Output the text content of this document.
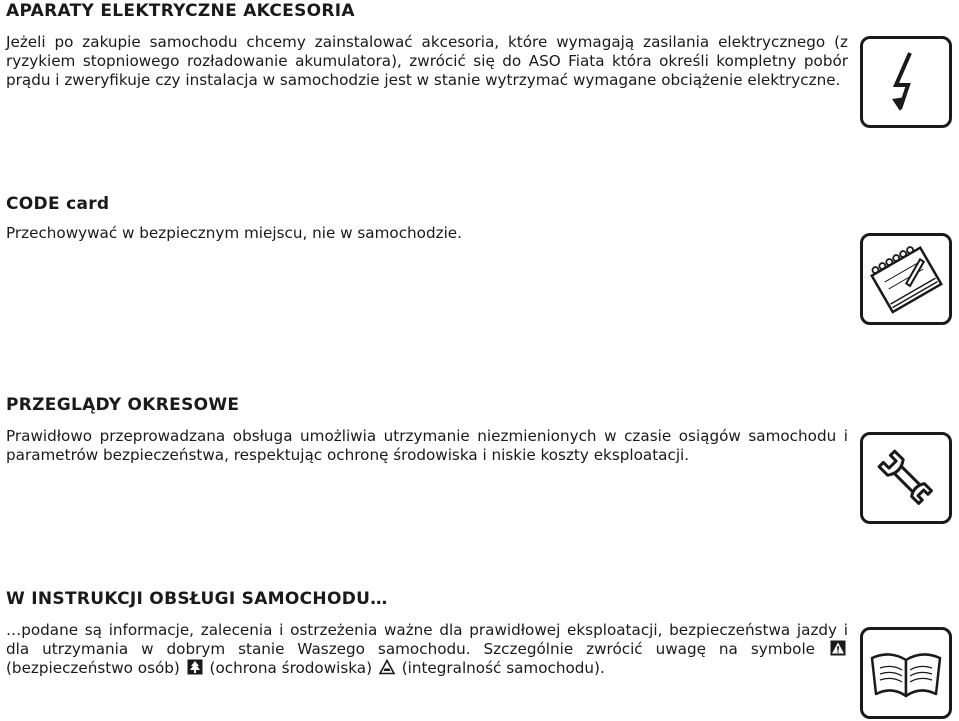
APARATY ELEKTRYCZNE AKCESORIA

Jeżeli po zakupie samochodu chcemy zainstalować akcesoria, które wymagają zasilania elektrycznego (z ryzykiem stopniowego rozładowanie akumulatora), zwrócić się do ASO Fiata która określi kompletny pobór prądu i zweryfikuje czy instalacja w samochodzie jest w stanie wytrzymać wymagane obciążenie elektryczne.

CODE card

Przechowywać w bezpiecznym miejscu, nie w samochodzie.

PRZEGLĄDY OKRESOWE

Prawidłowo przeprowadzana obsługa umożliwia utrzymanie niezmienionych w czasie osiągów samochodu i parametrów bezpieczeństwa, respektując ochronę środowiska i niskie koszty eksploatacji.

W INSTRUKCJI OBSŁUGI SAMOCHODU…

…podane są informacje, zalecenia i ostrzeżenia ważne dla prawidłowej eksploatacji, bezpieczeństwa jazdy i dla utrzymania w dobrym stanie Waszego samochodu. Szczególnie zwrócić uwagę na symbole  (bezpieczeństwo osób) (ochrona środowiska) (integralność samochodu).
